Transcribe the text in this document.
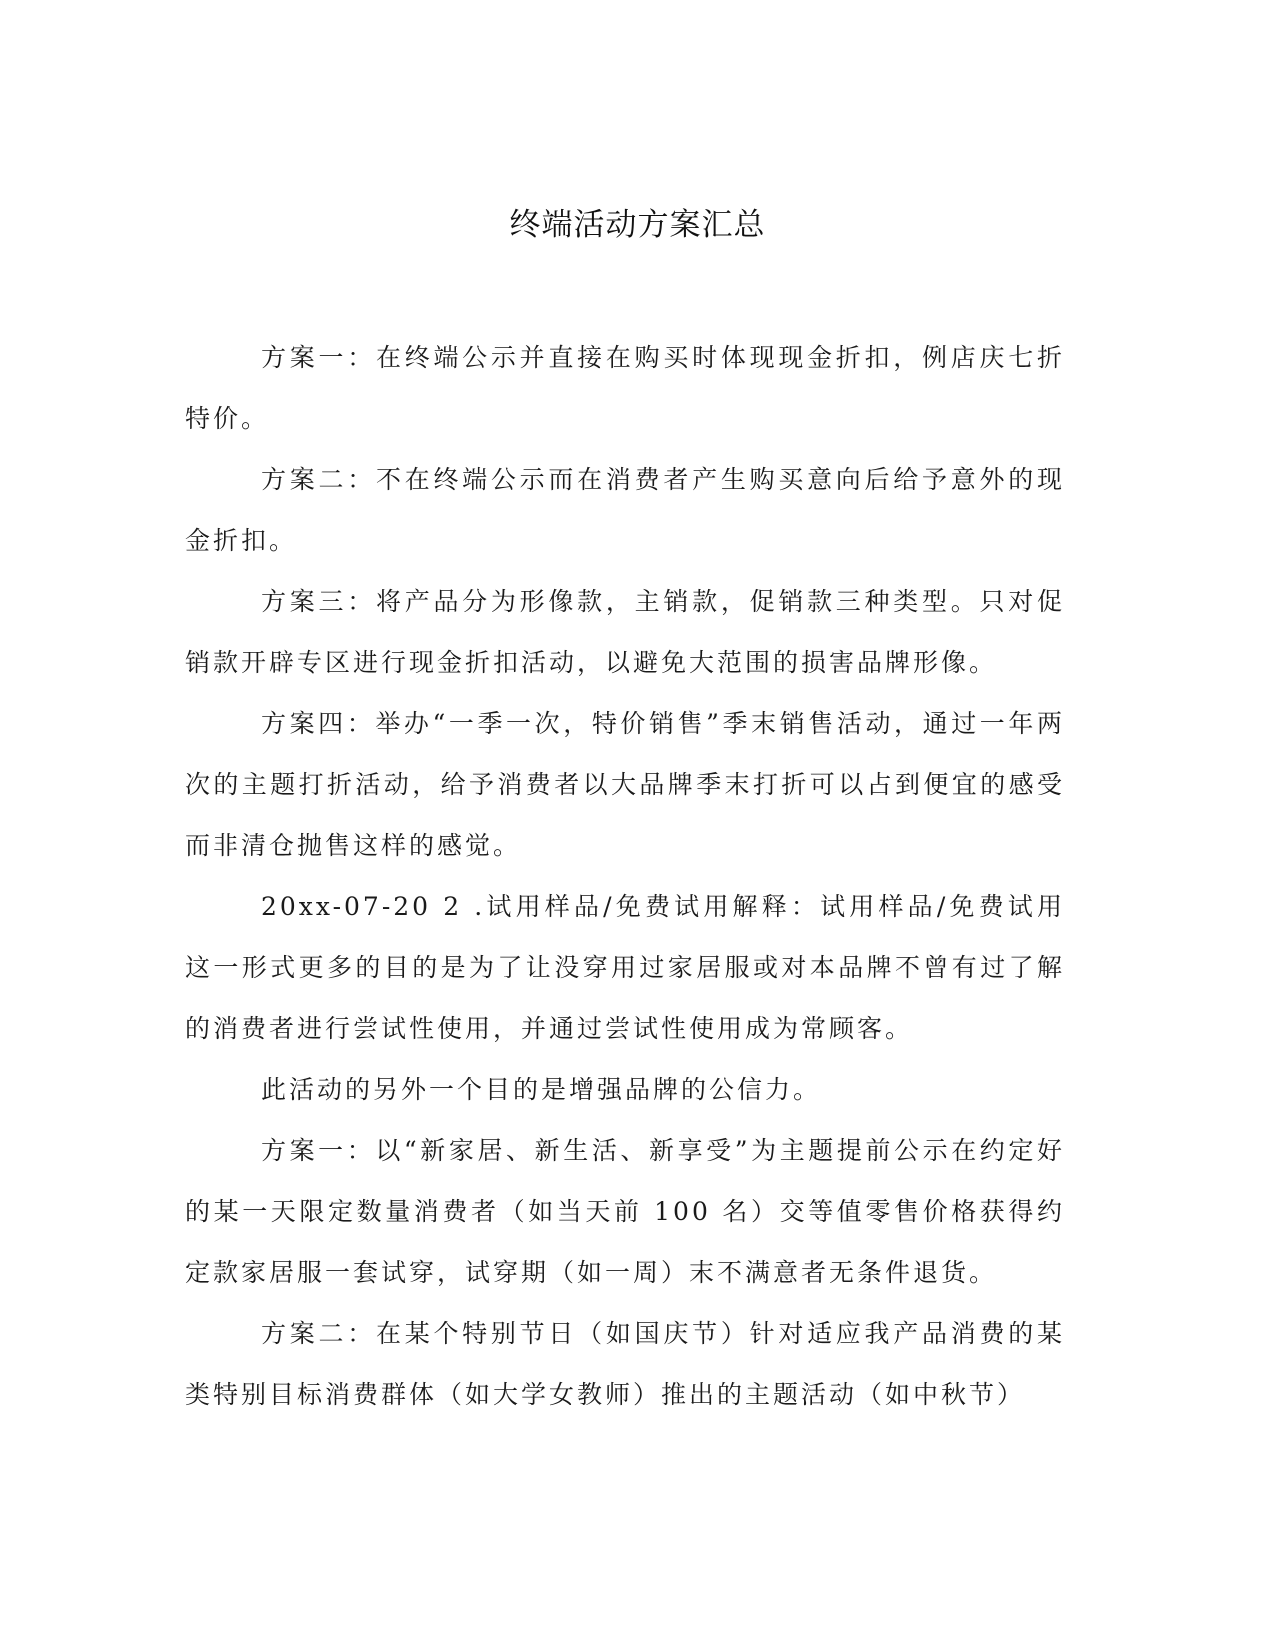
终端活动方案汇总

方案一：在终端公示并直接在购买时体现现金折扣，例店庆七折特价。

方案二：不在终端公示而在消费者产生购买意向后给予意外的现金折扣。

方案三：将产品分为形像款，主销款，促销款三种类型。只对促销款开辟专区进行现金折扣活动，以避免大范围的损害品牌形像。

方案四：举办“一季一次，特价销售”季末销售活动，通过一年两次的主题打折活动，给予消费者以大品牌季末打折可以占到便宜的感受而非清仓抛售这样的感觉。

20xx-07-20 2 .试用样品/免费试用解释：试用样品/免费试用这一形式更多的目的是为了让没穿用过家居服或对本品牌不曾有过了解的消费者进行尝试性使用，并通过尝试性使用成为常顾客。

此活动的另外一个目的是增强品牌的公信力。

方案一：以“新家居、新生活、新享受”为主题提前公示在约定好的某一天限定数量消费者（如当天前 100 名）交等值零售价格获得约定款家居服一套试穿，试穿期（如一周）末不满意者无条件退货。

方案二：在某个特别节日（如国庆节）针对适应我产品消费的某类特别目标消费群体（如大学女教师）推出的主题活动（如中秋节）
